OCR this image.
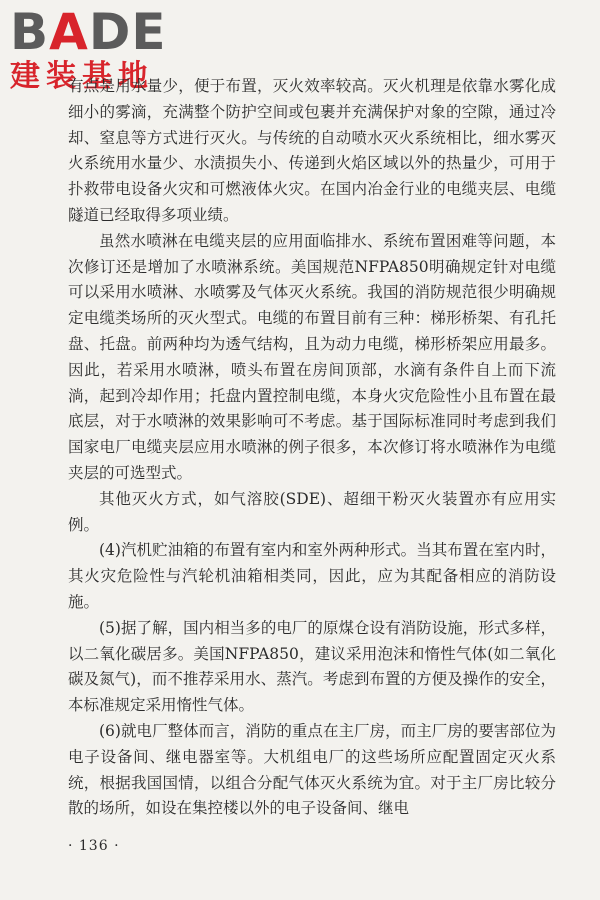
BADE
建装基地

有点是用水量少，便于布置，灭火效率较高。灭火机理是依靠水雾化成细小的雾滴，充满整个防护空间或包裹并充满保护对象的空隙，通过冷却、窒息等方式进行灭火。与传统的自动喷水灭火系统相比，细水雾灭火系统用水量少、水渍损失小、传递到火焰区域以外的热量少，可用于扑救带电设备火灾和可燃液体火灾。在国内冶金行业的电缆夹层、电缆隧道已经取得多项业绩。

虽然水喷淋在电缆夹层的应用面临排水、系统布置困难等问题，本次修订还是增加了水喷淋系统。美国规范NFPA850明确规定针对电缆可以采用水喷淋、水喷雾及气体灭火系统。我国的消防规范很少明确规定电缆类场所的灭火型式。电缆的布置目前有三种：梯形桥架、有孔托盘、托盘。前两种均为透气结构，且为动力电缆，梯形桥架应用最多。因此，若采用水喷淋，喷头布置在房间顶部，水滴有条件自上而下流淌，起到冷却作用；托盘内置控制电缆，本身火灾危险性小且布置在最底层，对于水喷淋的效果影响可不考虑。基于国际标准同时考虑到我们国家电厂电缆夹层应用水喷淋的例子很多，本次修订将水喷淋作为电缆夹层的可选型式。

其他灭火方式，如气溶胶(SDE)、超细干粉灭火装置亦有应用实例。

(4)汽机贮油箱的布置有室内和室外两种形式。当其布置在室内时，其火灾危险性与汽轮机油箱相类同，因此，应为其配备相应的消防设施。

(5)据了解，国内相当多的电厂的原煤仓设有消防设施，形式多样，以二氧化碳居多。美国NFPA850，建议采用泡沫和惰性气体(如二氧化碳及氮气)，而不推荐采用水、蒸汽。考虑到布置的方便及操作的安全，本标准规定采用惰性气体。

(6)就电厂整体而言，消防的重点在主厂房，而主厂房的要害部位为电子设备间、继电器室等。大机组电厂的这些场所应配置固定灭火系统，根据我国国情，以组合分配气体灭火系统为宜。对于主厂房比较分散的场所，如设在集控楼以外的电子设备间、继电

· 136 ·
